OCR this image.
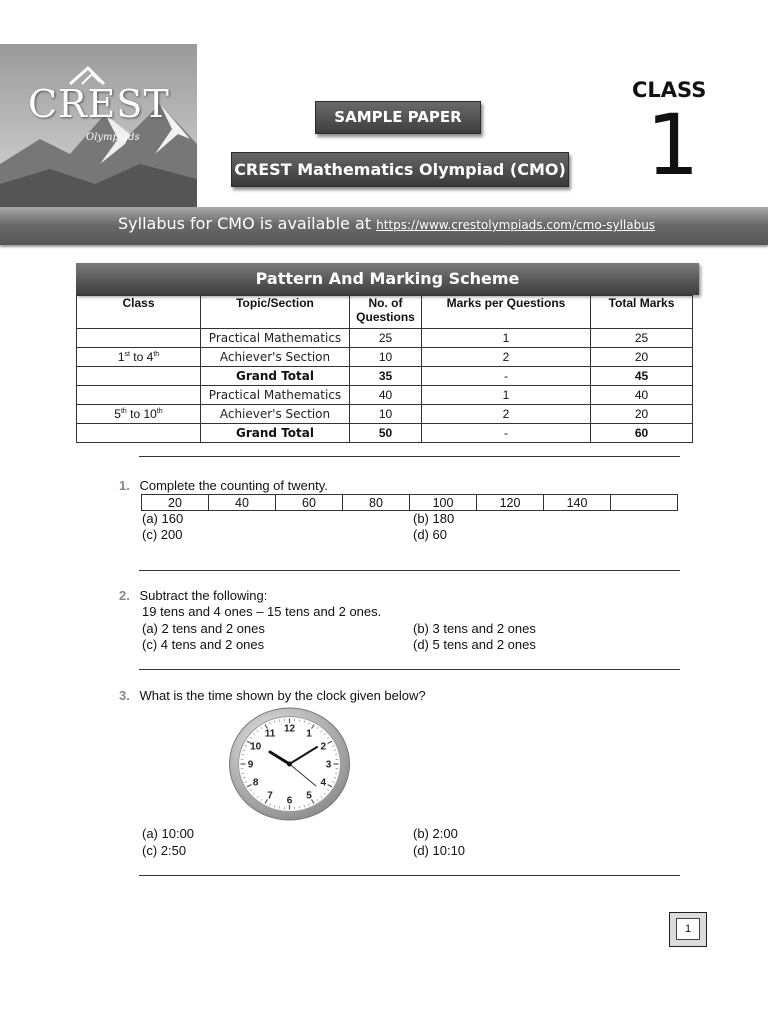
CREST
Olympiads
SAMPLE PAPER
CREST Mathematics Olympiad (CMO)
CLASS
1
Syllabus for CMO is available at https://www.crestolympiads.com/cmo-syllabus
Pattern And Marking Scheme
Class	Topic/Section	No. of Questions	Marks per Questions	Total Marks
	Practical Mathematics	25	1	25
1st to 4th	Achiever's Section	10	2	20
	Grand Total	35	-	45
	Practical Mathematics	40	1	40
5th to 10th	Achiever's Section	10	2	20
	Grand Total	50	-	60
1. Complete the counting of twenty.
20	40	60	80	100	120	140	
(a) 160	(b) 180
(c) 200	(d) 60
2. Subtract the following:
19 tens and 4 ones – 15 tens and 2 ones.
(a) 2 tens and 2 ones	(b) 3 tens and 2 ones
(c) 4 tens and 2 ones	(d) 5 tens and 2 ones
3. What is the time shown by the clock given below?
12 1
2
3
4
5
6
7
8
9
10
11
(a) 10:00	(b) 2:00
(c) 2:50	(d) 10:10
1
